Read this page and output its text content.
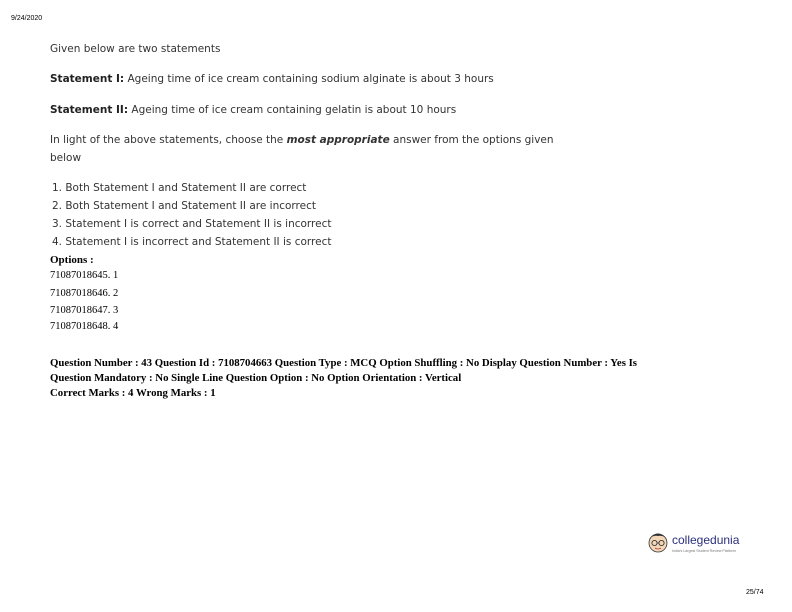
9/24/2020
Given below are two statements
Statement I: Ageing time of ice cream containing sodium alginate is about 3 hours
Statement II: Ageing time of ice cream containing gelatin is about 10 hours
In light of the above statements, choose the most appropriate answer from the options given
below
1. Both Statement I and Statement II are correct
2. Both Statement I and Statement II are incorrect
3. Statement I is correct and Statement II is incorrect
4. Statement I is incorrect and Statement II is correct
Options :
71087018645. 1
71087018646. 2
71087018647. 3
71087018648. 4
Question Number : 43 Question Id : 7108704663 Question Type : MCQ Option Shuffling : No Display Question Number : Yes Is
Question Mandatory : No Single Line Question Option : No Option Orientation : Vertical
Correct Marks : 4 Wrong Marks : 1
collegedunia
India's Largest Student Review Platform
25/74
